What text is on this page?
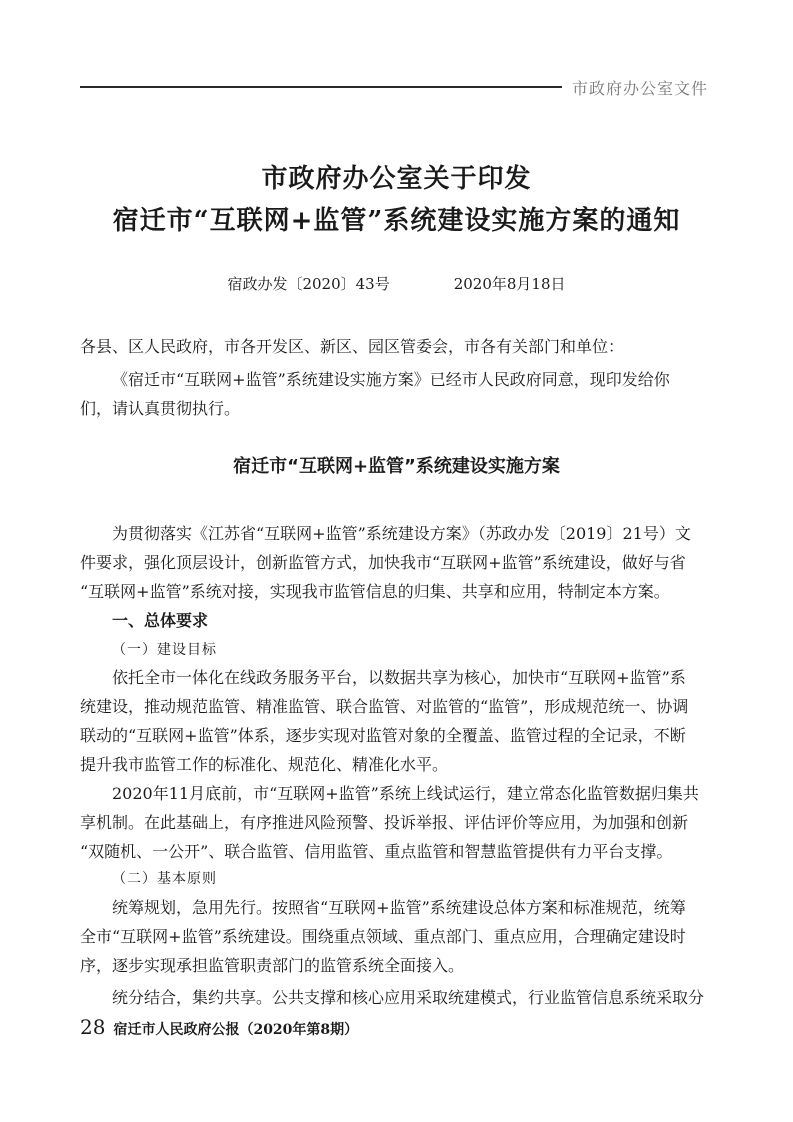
市政府办公室文件
市政府办公室关于印发
宿迁市“互联网+监管”系统建设实施方案的通知
宿政办发〔2020〕43号	2020年8月18日
各县、区人民政府，市各开发区、新区、园区管委会，市各有关部门和单位：
《宿迁市“互联网+监管”系统建设实施方案》已经市人民政府同意，现印发给你
们，请认真贯彻执行。
宿迁市“互联网+监管”系统建设实施方案
为贯彻落实《江苏省“互联网+监管”系统建设方案》（苏政办发〔2019〕21号）文
件要求，强化顶层设计，创新监管方式，加快我市“互联网+监管”系统建设，做好与省
“互联网+监管”系统对接，实现我市监管信息的归集、共享和应用，特制定本方案。
一、总体要求
（一）建设目标
依托全市一体化在线政务服务平台，以数据共享为核心，加快市“互联网+监管”系
统建设，推动规范监管、精准监管、联合监管、对监管的“监管”，形成规范统一、协调
联动的“互联网+监管”体系，逐步实现对监管对象的全覆盖、监管过程的全记录，不断
提升我市监管工作的标准化、规范化、精准化水平。
2020年11月底前，市“互联网+监管”系统上线试运行，建立常态化监管数据归集共
享机制。在此基础上，有序推进风险预警、投诉举报、评估评价等应用，为加强和创新
“双随机、一公开”、联合监管、信用监管、重点监管和智慧监管提供有力平台支撑。
（二）基本原则
统筹规划，急用先行。按照省“互联网+监管”系统建设总体方案和标准规范，统筹
全市“互联网+监管”系统建设。围绕重点领域、重点部门、重点应用，合理确定建设时
序，逐步实现承担监管职责部门的监管系统全面接入。
统分结合，集约共享。公共支撑和核心应用采取统建模式，行业监管信息系统采取分
28 宿迁市人民政府公报（2020年第8期）
